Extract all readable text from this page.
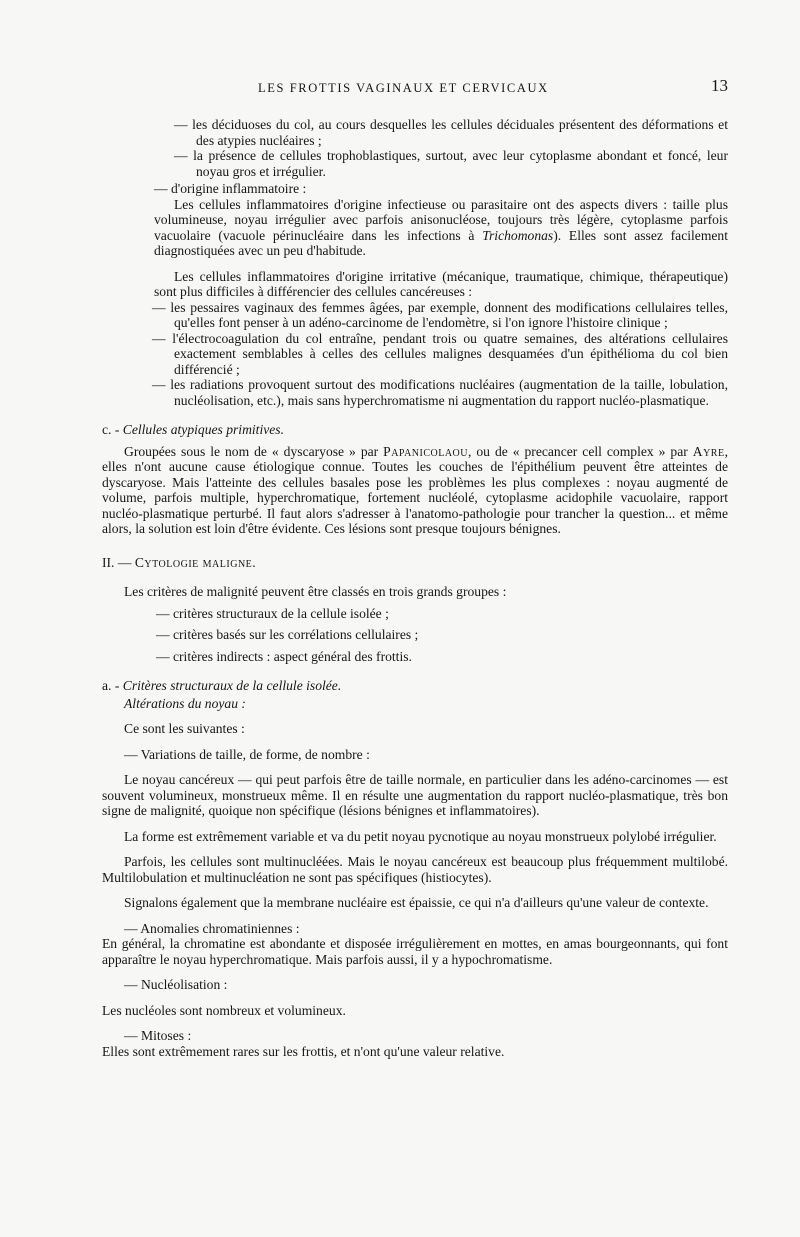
LES FROTTIS VAGINAUX ET CERVICAUX	13

— les déciduoses du col, au cours desquelles les cellules déciduales présentent des déformations et des atypies nucléaires ;

— la présence de cellules trophoblastiques, surtout, avec leur cytoplasme abondant et foncé, leur noyau gros et irrégulier.

— d'origine inflammatoire :

Les cellules inflammatoires d'origine infectieuse ou parasitaire ont des aspects divers : taille plus volumineuse, noyau irrégulier avec parfois anisonucléose, toujours très légère, cytoplasme parfois vacuolaire (vacuole périnucléaire dans les infections à Trichomonas). Elles sont assez facilement diagnostiquées avec un peu d'habitude.

Les cellules inflammatoires d'origine irritative (mécanique, traumatique, chimique, thérapeutique) sont plus difficiles à différencier des cellules cancéreuses :

— les pessaires vaginaux des femmes âgées, par exemple, donnent des modifications cellulaires telles, qu'elles font penser à un adéno-carcinome de l'endomètre, si l'on ignore l'histoire clinique ;

— l'électrocoagulation du col entraîne, pendant trois ou quatre semaines, des altérations cellulaires exactement semblables à celles des cellules malignes desquamées d'un épithélioma du col bien différencié ;

— les radiations provoquent surtout des modifications nucléaires (augmentation de la taille, lobulation, nucléolisation, etc.), mais sans hyperchromatisme ni augmentation du rapport nucléo-plasmatique.

c. - Cellules atypiques primitives.

Groupées sous le nom de « dyscaryose » par Papanicolaou, ou de « precancer cell complex » par Ayre, elles n'ont aucune cause étiologique connue. Toutes les couches de l'épithélium peuvent être atteintes de dyscaryose. Mais l'atteinte des cellules basales pose les problèmes les plus complexes : noyau augmenté de volume, parfois multiple, hyperchromatique, fortement nucléolé, cytoplasme acidophile vacuolaire, rapport nucléo-plasmatique perturbé. Il faut alors s'adresser à l'anatomo-pathologie pour trancher la question... et même alors, la solution est loin d'être évidente. Ces lésions sont presque toujours bénignes.

II. — Cytologie maligne.

Les critères de malignité peuvent être classés en trois grands groupes :

— critères structuraux de la cellule isolée ;

— critères basés sur les corrélations cellulaires ;

— critères indirects : aspect général des frottis.

a. - Critères structuraux de la cellule isolée.

Altérations du noyau :

Ce sont les suivantes :

— Variations de taille, de forme, de nombre :

Le noyau cancéreux — qui peut parfois être de taille normale, en particulier dans les adéno-carcinomes — est souvent volumineux, monstrueux même. Il en résulte une augmentation du rapport nucléo-plasmatique, très bon signe de malignité, quoique non spécifique (lésions bénignes et inflammatoires).

La forme est extrêmement variable et va du petit noyau pycnotique au noyau monstrueux polylobé irrégulier.

Parfois, les cellules sont multinucléées. Mais le noyau cancéreux est beaucoup plus fréquemment multilobé. Multilobulation et multinucléation ne sont pas spécifiques (histiocytes).

Signalons également que la membrane nucléaire est épaissie, ce qui n'a d'ailleurs qu'une valeur de contexte.

— Anomalies chromatiniennes :

En général, la chromatine est abondante et disposée irrégulièrement en mottes, en amas bourgeonnants, qui font apparaître le noyau hyperchromatique. Mais parfois aussi, il y a hypochromatisme.

— Nucléolisation :

Les nucléoles sont nombreux et volumineux.

— Mitoses :

Elles sont extrêmement rares sur les frottis, et n'ont qu'une valeur relative.
